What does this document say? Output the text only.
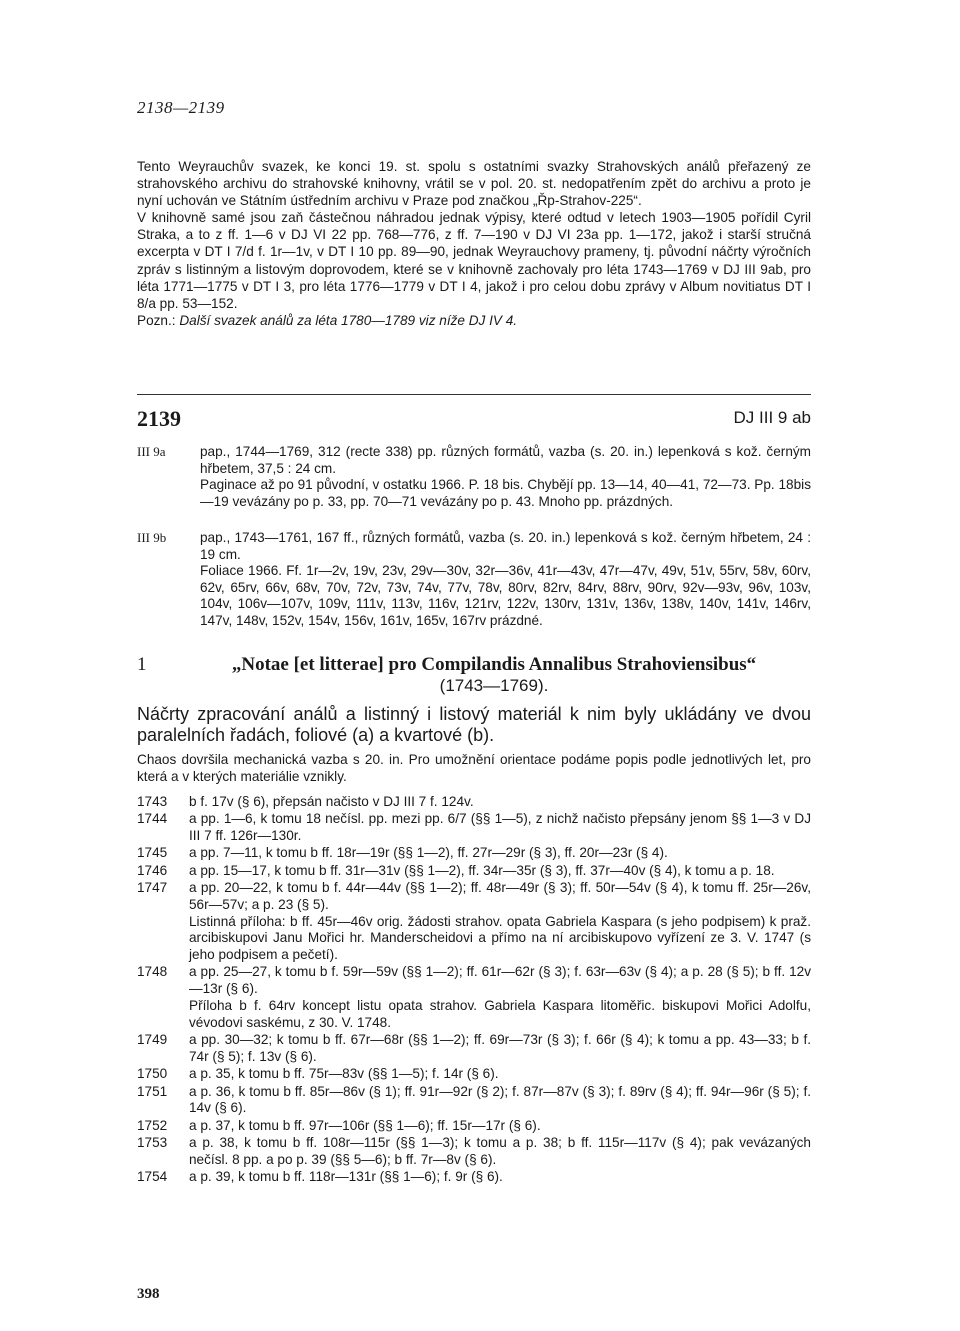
2138—2139

Tento Weyrauchův svazek, ke konci 19. st. spolu s ostatními svazky Strahovských análů přeřazený ze strahovského archivu do strahovské knihovny, vrátil se v pol. 20. st. nedopatřením zpět do archivu a proto je nyní uchován ve Státním ústředním archivu v Praze pod značkou „Řp-Strahov-225“.

V knihovně samé jsou zaň částečnou náhradou jednak výpisy, které odtud v letech 1903—1905 pořídil Cyril Straka, a to z ff. 1—6 v DJ VI 22 pp. 768—776, z ff. 7—190 v DJ VI 23a pp. 1—172, jakož i starší stručná excerpta v DT I 7/d f. 1r—1v, v DT I 10 pp. 89—90, jednak Weyrauchovy prameny, tj. původní náčrty výročních zpráv s listinným a listovým doprovodem, které se v knihovně zachovaly pro léta 1743—1769 v DJ III 9ab, pro léta 1771—1775 v DT I 3, pro léta 1776—1779 v DT I 4, jakož i pro celou dobu zprávy v Album novitiatus DT I 8/a pp. 53—152.

Pozn.: Další svazek análů za léta 1780—1789 viz níže DJ IV 4.

2139	DJ III 9 ab
III 9a	pap., 1744—1769, 312 (recte 338) pp. různých formátů, vazba (s. 20. in.) lepenková s kož. černým hřbetem, 37,5 : 24 cm.

Paginace až po 91 původní, v ostatku 1966. P. 18 bis. Chybějí pp. 13—14, 40—41, 72—73. Pp. 18bis—19 vevázány po p. 33, pp. 70—71 vevázány po p. 43. Mnoho pp. prázdných.

III 9b pap., 1743—1761, 167 ff., různých formátů, vazba (s. 20. in.) lepenková s kož. černým hřbetem, 24 : 19 cm.

Foliace 1966. Ff. 1r—2v, 19v, 23v, 29v—30v, 32r—36v, 41r—43v, 47r—47v, 49v, 51v, 55rv, 58v, 60rv, 62v, 65rv, 66v, 68v, 70v, 72v, 73v, 74v, 77v, 78v, 80rv, 82rv, 84rv, 88rv, 90rv, 92v—93v, 96v, 103v, 104v, 106v—107v, 109v, 111v, 113v, 116v, 121rv, 122v, 130rv, 131v, 136v, 138v, 140v, 141v, 146rv, 147v, 148v, 152v, 154v, 156v, 161v, 165v, 167rv prázdné.

1	„Notae [et litterae] pro Compilandis Annalibus Strahoviensibus“
(1743—1769).
Náčrty zpracování análů a listinný i listový materiál k nim byly ukládány ve dvou paralelních řadách, foliové (a) a kvartové (b).
Chaos dovršila mechanická vazba s 20. in. Pro umožnění orientace podáme popis podle jednotlivých let, pro která a v kterých materiálie vznikly.
1743 b f. 17v (§ 6), přepsán načisto v DJ III 7 f. 124v.

1744 a pp. 1—6, k tomu 18 nečísl. pp. mezi pp. 6/7 (§§ 1—5), z nichž načisto přepsány jenom §§ 1—3 v DJ III 7 ff. 126r—130r.

1745 a pp. 7—11, k tomu b ff. 18r—19r (§§ 1—2), ff. 27r—29r (§ 3), ff. 20r—23r (§ 4).

1746 a pp. 15—17, k tomu b ff. 31r—31v (§§ 1—2), ff. 34r—35r (§ 3), ff. 37r—40v (§ 4), k tomu a p. 18.

1747 a pp. 20—22, k tomu b f. 44r—44v (§§ 1—2); ff. 48r—49r (§ 3); ff. 50r—54v (§ 4), k tomu ff. 25r—26v, 56r—57v; a p. 23 (§ 5).

Listinná příloha: b ff. 45r—46v orig. žádosti strahov. opata Gabriela Kaspara (s jeho podpisem) k praž. arcibiskupovi Janu Mořici hr. Manderscheidovi a přímo na ní arcibiskupovo vyřízení ze 3. V. 1747 (s jeho podpisem a pečetí).

1748 a pp. 25—27, k tomu b f. 59r—59v (§§ 1—2); ff. 61r—62r (§ 3); f. 63r—63v (§ 4); a p. 28 (§ 5); b ff. 12v—13r (§ 6).

Příloha b f. 64rv koncept listu opata strahov. Gabriela Kaspara litoměřic. biskupovi Mořici Adolfu, vévodovi saskému, z 30. V. 1748.

1749 a pp. 30—32; k tomu b ff. 67r—68r (§§ 1—2); ff. 69r—73r (§ 3); f. 66r (§ 4); k tomu a pp. 43—33; b f. 74r (§ 5); f. 13v (§ 6).

1750 a p. 35, k tomu b ff. 75r—83v (§§ 1—5); f. 14r (§ 6).

1751 a p. 36, k tomu b ff. 85r—86v (§ 1); ff. 91r—92r (§ 2); f. 87r—87v (§ 3); f. 89rv (§ 4); ff. 94r—96r (§ 5); f. 14v (§ 6).

1752 a p. 37, k tomu b ff. 97r—106r (§§ 1—6); ff. 15r—17r (§ 6).

1753 a p. 38, k tomu b ff. 108r—115r (§§ 1—3); k tomu a p. 38; b ff. 115r—117v (§ 4); pak vevázaných nečísl. 8 pp. a po p. 39 (§§ 5—6); b ff. 7r—8v (§ 6).

1754 a p. 39, k tomu b ff. 118r—131r (§§ 1—6); f. 9r (§ 6).

398
